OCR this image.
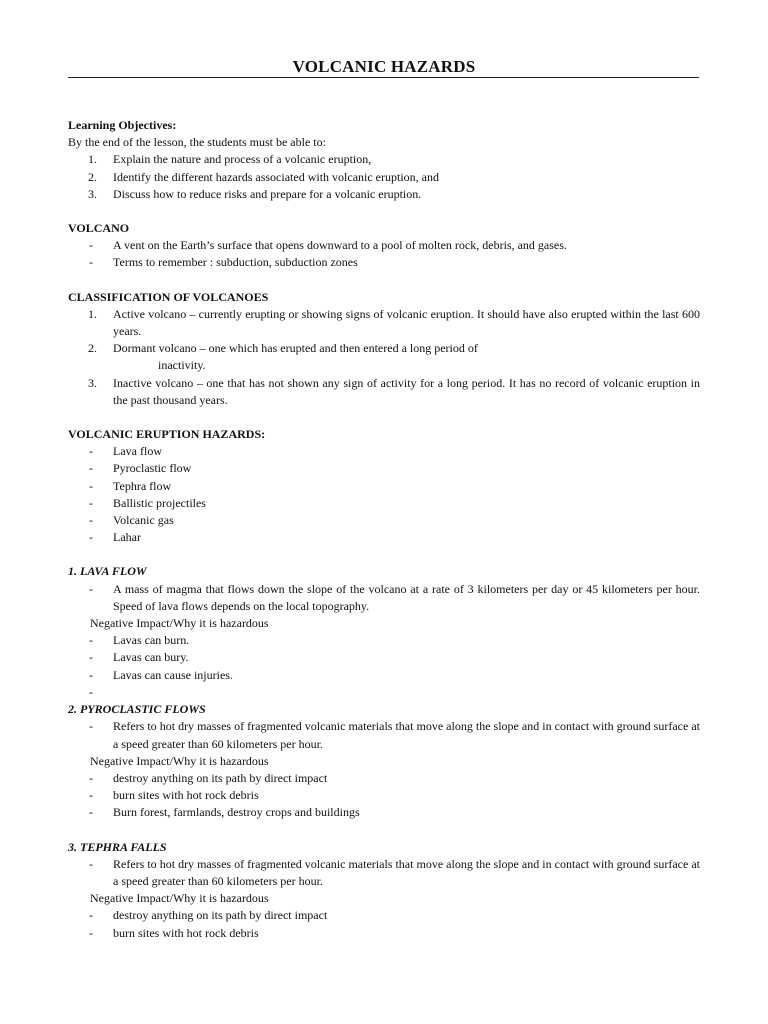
VOLCANIC HAZARDS
Learning Objectives:
By the end of the lesson, the students must be able to:
1. Explain the nature and process of a volcanic eruption,
2. Identify the different hazards associated with volcanic eruption, and
3. Discuss how to reduce risks and prepare for a volcanic eruption.
VOLCANO
- A vent on the Earth’s surface that opens downward to a pool of molten rock, debris, and gases.
- Terms to remember : subduction, subduction zones
CLASSIFICATION OF VOLCANOES
1. Active volcano – currently erupting or showing signs of volcanic eruption. It should have also erupted within the last 600 years.
2. Dormant volcano – one which has erupted and then entered a long period of
inactivity.
3. Inactive volcano – one that has not shown any sign of activity for a long period. It has no record of volcanic eruption in the past thousand years.
VOLCANIC ERUPTION HAZARDS:
- Lava flow
- Pyroclastic flow
- Tephra flow
- Ballistic projectiles
- Volcanic gas
- Lahar
1. LAVA FLOW
- A mass of magma that flows down the slope of the volcano at a rate of 3 kilometers per day or 45 kilometers per hour. Speed of lava flows depends on the local topography.
Negative Impact/Why it is hazardous
- Lavas can burn.
- Lavas can bury.
- Lavas can cause injuries.
-

2. PYROCLASTIC FLOWS
- Refers to hot dry masses of fragmented volcanic materials that move along the slope and in contact with ground surface at a speed greater than 60 kilometers per hour.
Negative Impact/Why it is hazardous
- destroy anything on its path by direct impact
- burn sites with hot rock debris
- Burn forest, farmlands, destroy crops and buildings
3. TEPHRA FALLS
- Refers to hot dry masses of fragmented volcanic materials that move along the slope and in contact with ground surface at a speed greater than 60 kilometers per hour.
Negative Impact/Why it is hazardous
- destroy anything on its path by direct impact
- burn sites with hot rock debris
